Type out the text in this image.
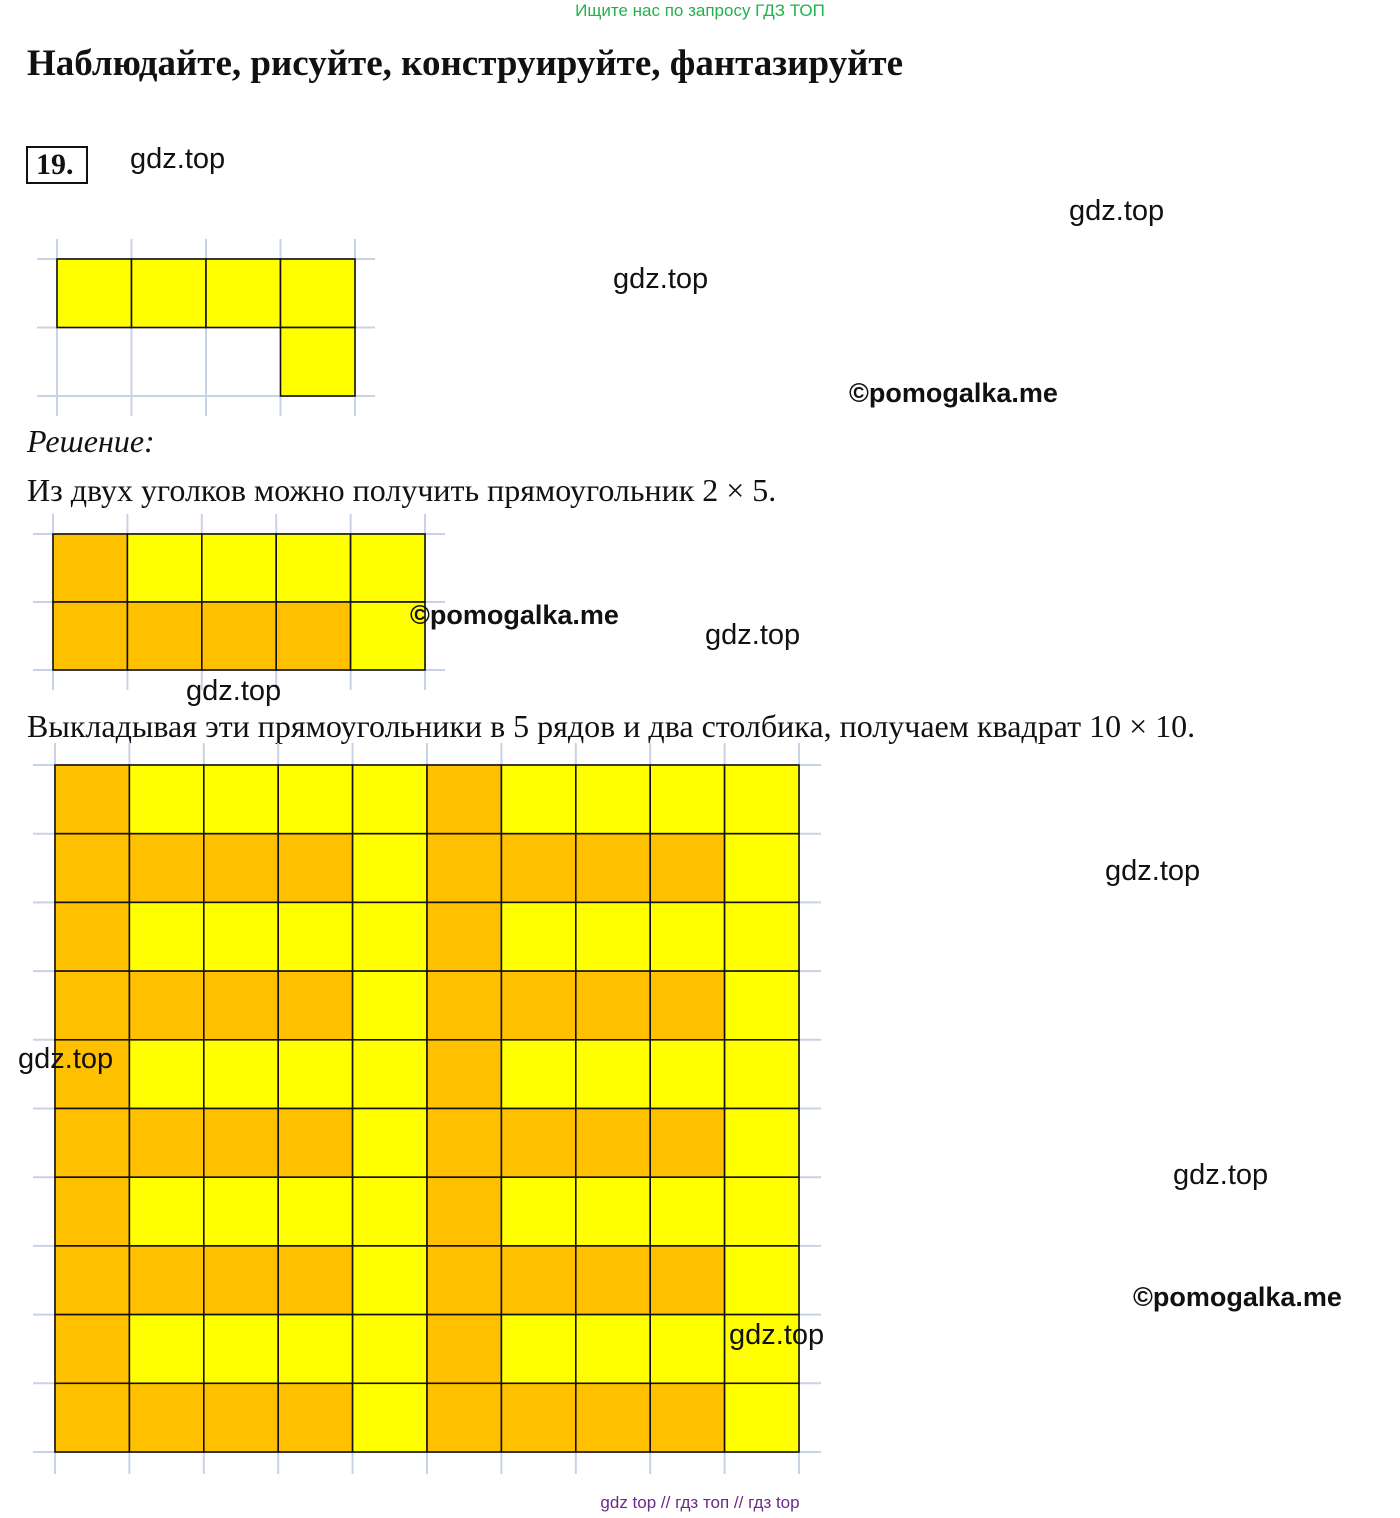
Ищите нас по запросу ГДЗ ТОП
Наблюдайте, рисуйте, конструируйте, фантазируйте
19.
Решение:
Из двух уголков можно получить прямоугольник 2 × 5.
Выкладывая эти прямоугольники в 5 рядов и два столбика, получаем квадрат 10 × 10.
gdz.top
gdz.top
gdz.top
©pomogalka.me
©pomogalka.me
gdz.top
gdz.top
gdz.top
gdz.top
gdz.top
©pomogalka.me
gdz.top
gdz top // гдз топ // гдз top
